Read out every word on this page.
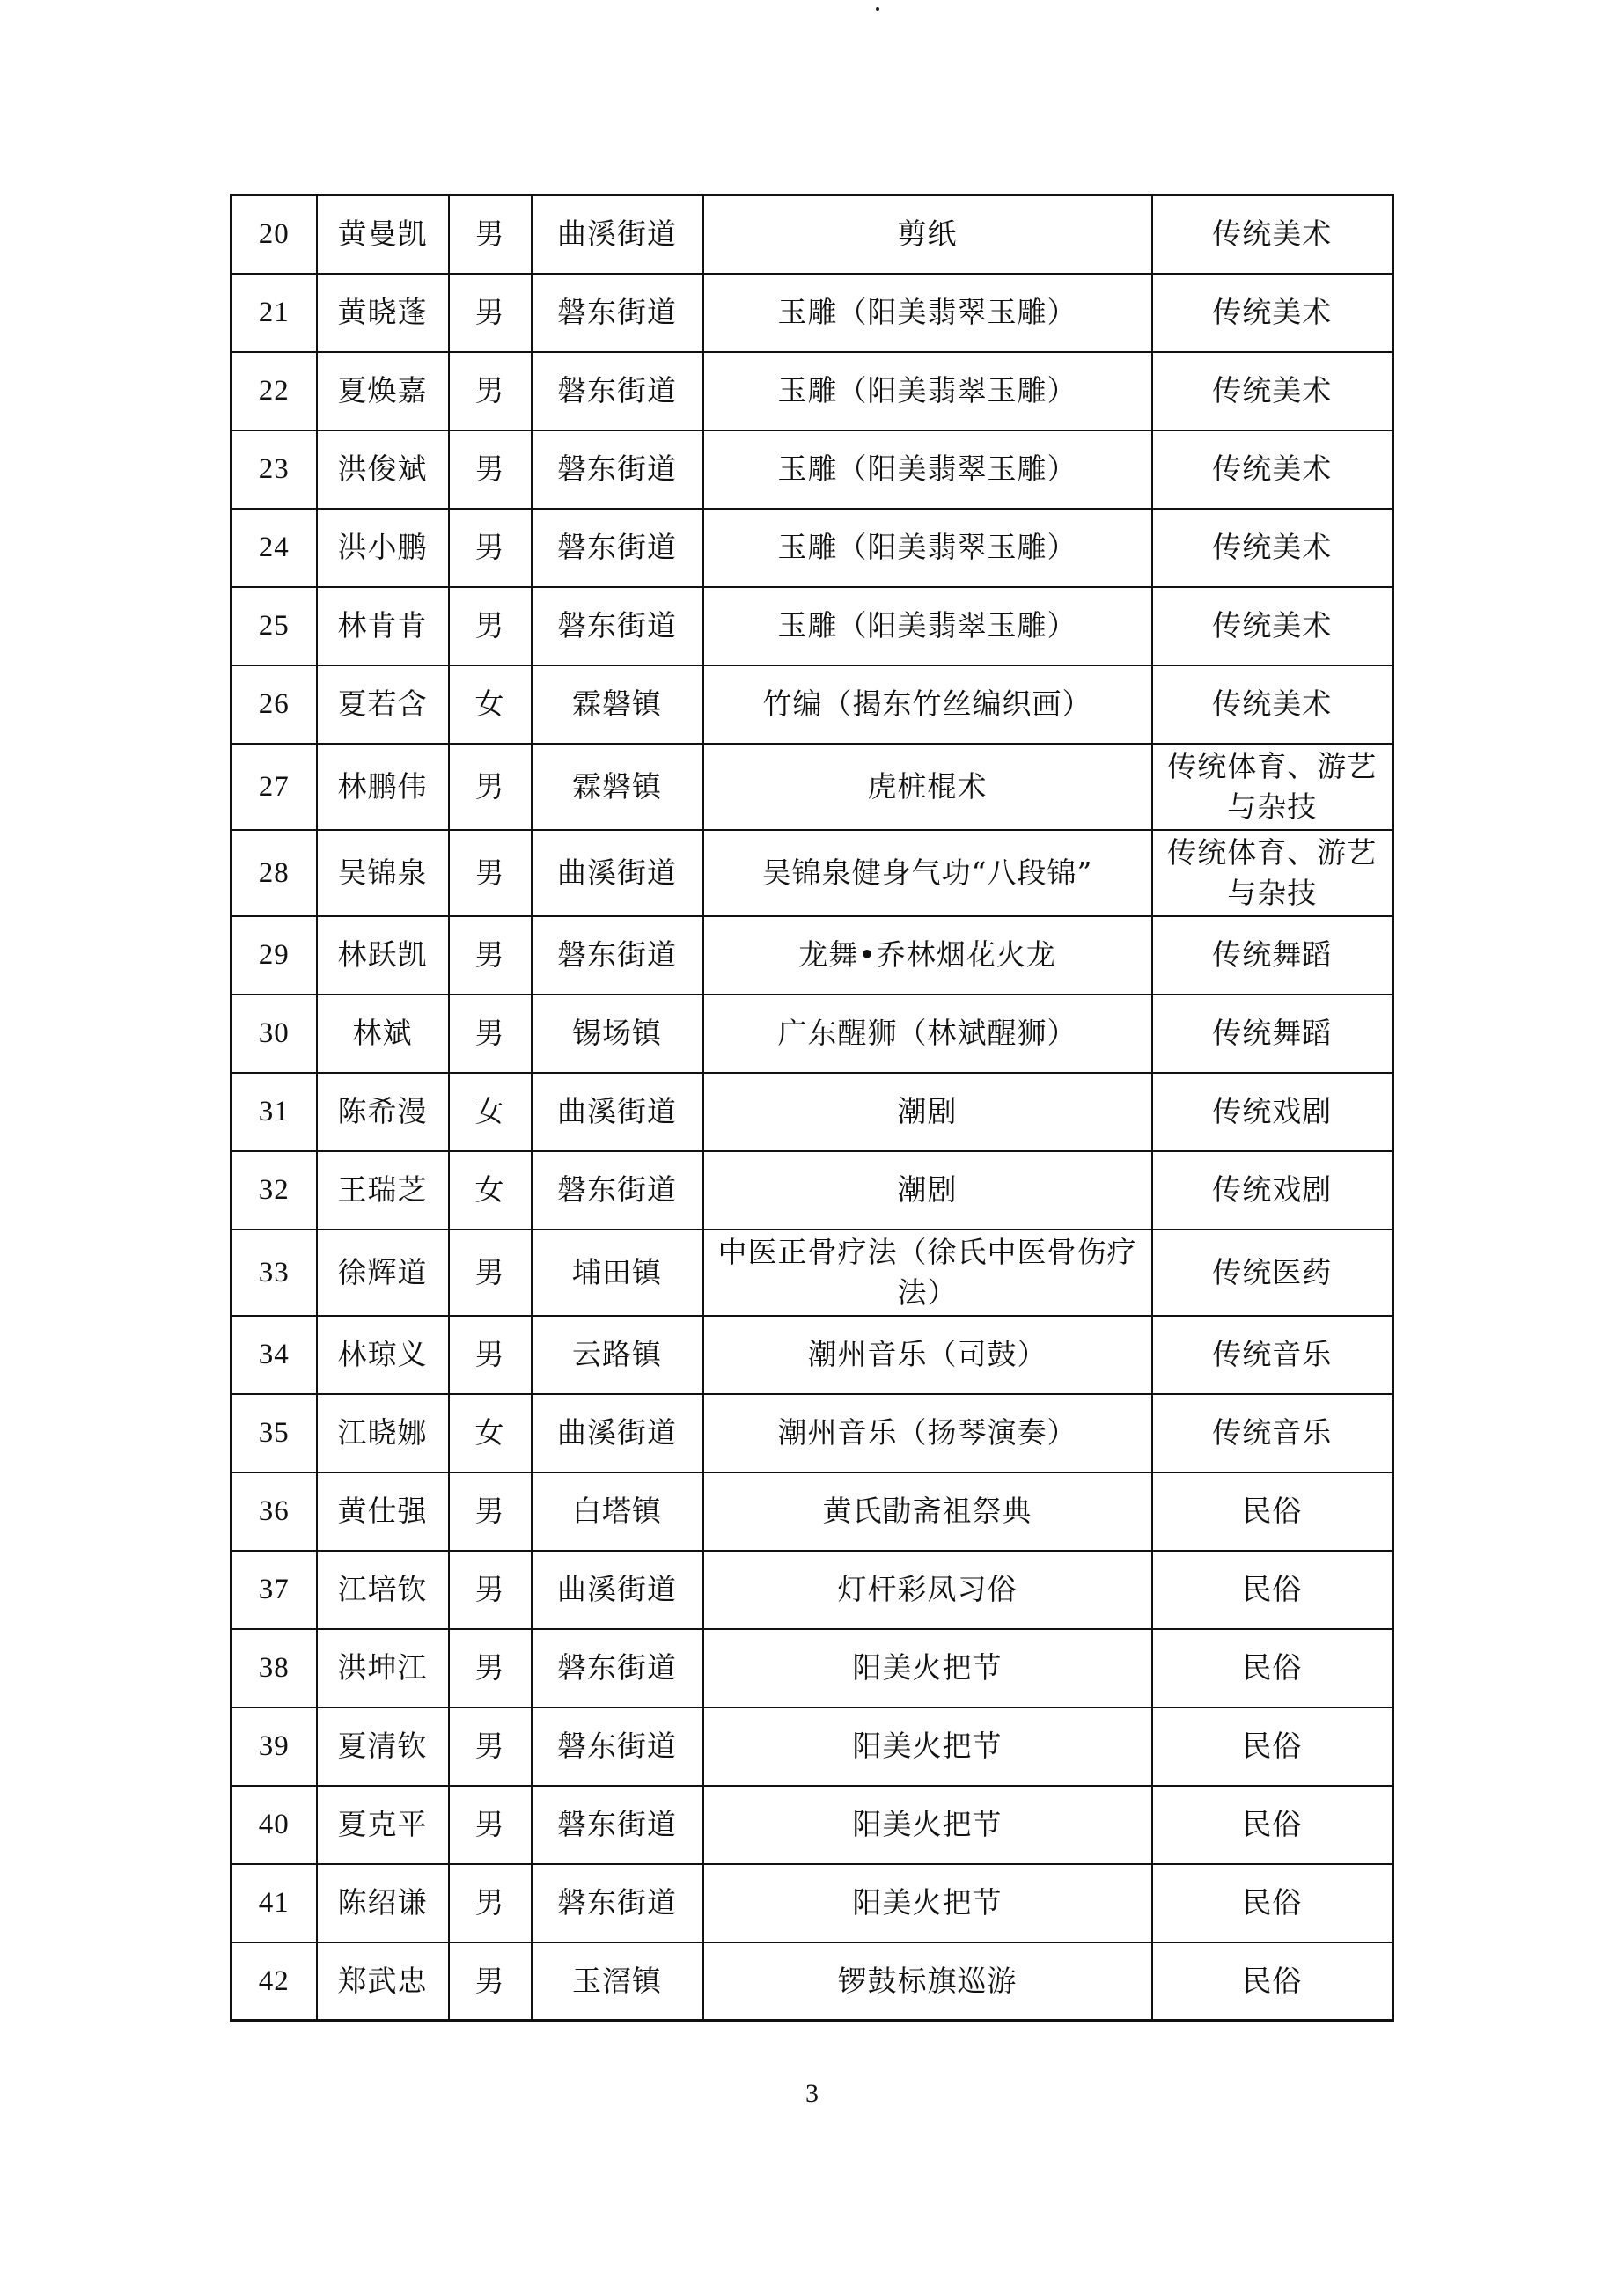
20	黄曼凯	男	曲溪街道	剪纸	传统美术
21	黄晓蓬	男	磐东街道	玉雕（阳美翡翠玉雕）	传统美术
22	夏焕嘉	男	磐东街道	玉雕（阳美翡翠玉雕）	传统美术
23	洪俊斌	男	磐东街道	玉雕（阳美翡翠玉雕）	传统美术
24	洪小鹏	男	磐东街道	玉雕（阳美翡翠玉雕）	传统美术
25	林肯肯	男	磐东街道	玉雕（阳美翡翠玉雕）	传统美术
26	夏若含	女	霖磐镇	竹编（揭东竹丝编织画）	传统美术
27	林鹏伟	男	霖磐镇	虎桩棍术	传统体育、游艺与杂技
28	吴锦泉	男	曲溪街道	吴锦泉健身气功“八段锦”	传统体育、游艺与杂技
29	林跃凯	男	磐东街道	龙舞•乔林烟花火龙	传统舞蹈
30	林斌	男	锡场镇	广东醒狮（林斌醒狮）	传统舞蹈
31	陈希漫	女	曲溪街道	潮剧	传统戏剧
32	王瑞芝	女	磐东街道	潮剧	传统戏剧
33	徐辉道	男	埔田镇	中医正骨疗法（徐氏中医骨伤疗法）	传统医药
34	林琼义	男	云路镇	潮州音乐（司鼓）	传统音乐
35	江晓娜	女	曲溪街道	潮州音乐（扬琴演奏）	传统音乐
36	黄仕强	男	白塔镇	黄氏勖斋祖祭典	民俗
37	江培钦	男	曲溪街道	灯杆彩凤习俗	民俗
38	洪坤江	男	磐东街道	阳美火把节	民俗
39	夏清钦	男	磐东街道	阳美火把节	民俗
40	夏克平	男	磐东街道	阳美火把节	民俗
41	陈绍谦	男	磐东街道	阳美火把节	民俗
42	郑武忠	男	玉滘镇	锣鼓标旗巡游	民俗
3
